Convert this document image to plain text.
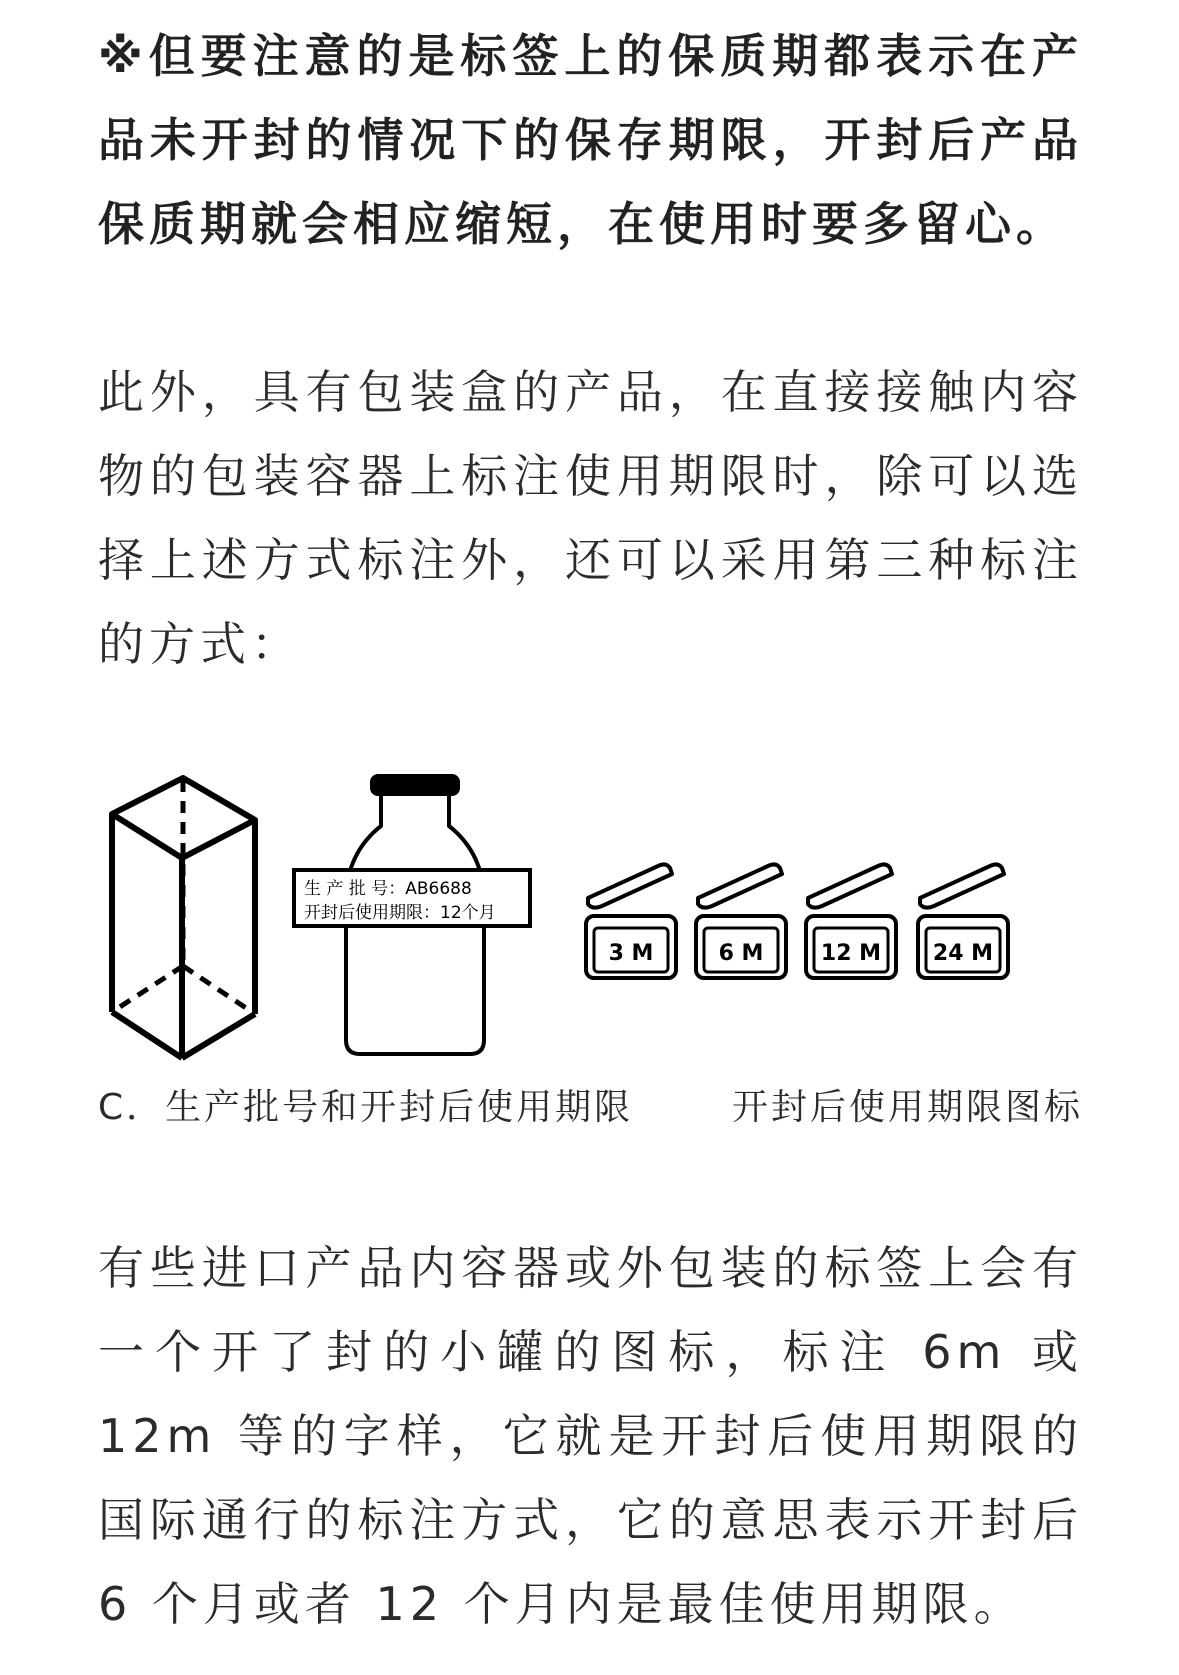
※但要注意的是标签上的保质期都表示在产品未开封的情况下的保存期限，开封后产品保质期就会相应缩短，在使用时要多留心。

此外，具有包装盒的产品，在直接接触内容物的包装容器上标注使用期限时，除可以选择上述方式标注外，还可以采用第三种标注的方式：

生 产 批 号：AB6688
开封后使用期限：12个月
3 M	6 M	12 M 24 M

C．生产批号和开封后使用期限	开封后使用期限图标

有些进口产品内容器或外包装的标签上会有一个开了封的小罐的图标，标注 6m 或 12m 等的字样，它就是开封后使用期限的国际通行的标注方式，它的意思表示开封后 6 个月或者 12 个月内是最佳使用期限。
